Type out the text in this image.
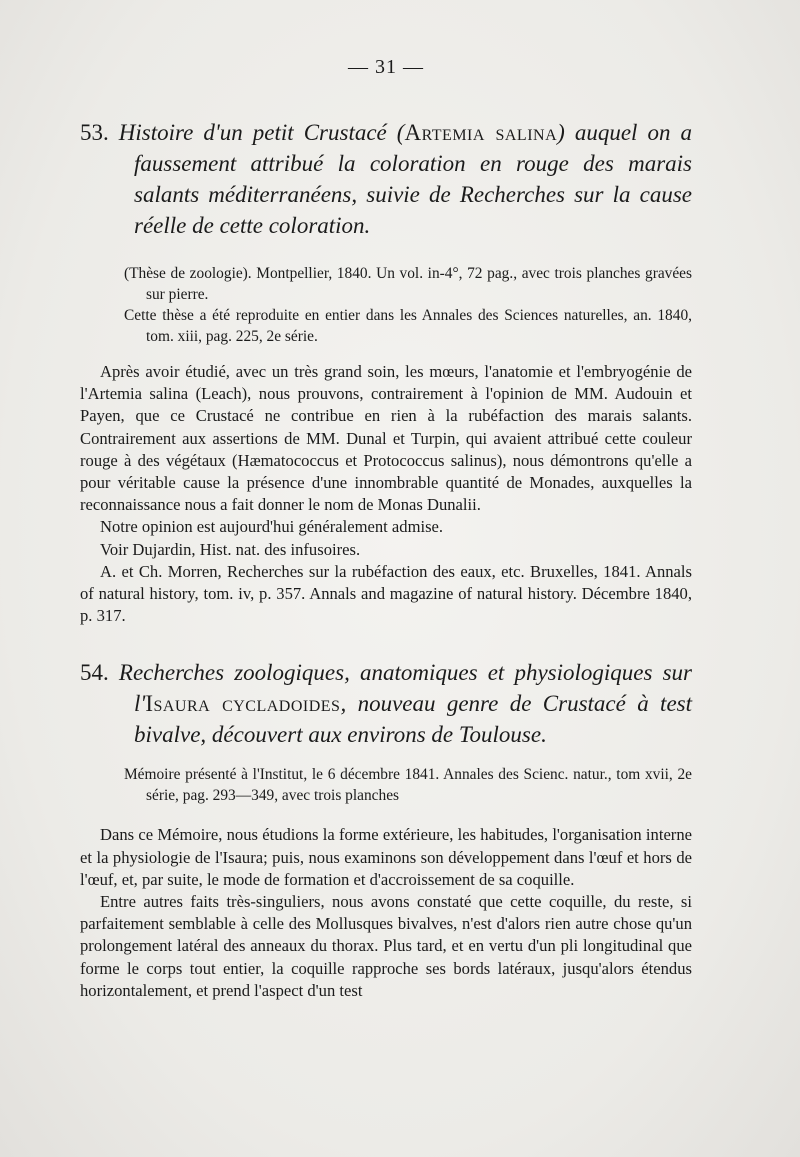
— 31 —

53. Histoire d'un petit Crustacé (Artemia salina) auquel on a faussement attribué la coloration en rouge des marais salants méditerranéens, suivie de Recherches sur la cause réelle de cette coloration.

(Thèse de zoologie). Montpellier, 1840. Un vol. in-4°, 72 pag., avec trois planches gravées sur pierre.

Cette thèse a été reproduite en entier dans les Annales des Sciences naturelles, an. 1840, tom. xiii, pag. 225, 2e série.

Après avoir étudié, avec un très grand soin, les mœurs, l'anatomie et l'embryogénie de l'Artemia salina (Leach), nous prouvons, contrairement à l'opinion de MM. Audouin et Payen, que ce Crustacé ne contribue en rien à la rubéfaction des marais salants. Contrairement aux assertions de MM. Dunal et Turpin, qui avaient attribué cette couleur rouge à des végétaux (Hæmatococcus et Protococcus salinus), nous démontrons qu'elle a pour véritable cause la présence d'une innombrable quantité de Monades, auxquelles la reconnaissance nous a fait donner le nom de Monas Dunalii.

Notre opinion est aujourd'hui généralement admise.

Voir Dujardin, Hist. nat. des infusoires.

A. et Ch. Morren, Recherches sur la rubéfaction des eaux, etc. Bruxelles, 1841. Annals of natural history, tom. iv, p. 357. Annals and magazine of natural history. Décembre 1840, p. 317.

54. Recherches zoologiques, anatomiques et physiologiques sur l'Isaura cycladoides, nouveau genre de Crustacé à test bivalve, découvert aux environs de Toulouse.

Mémoire présenté à l'Institut, le 6 décembre 1841. Annales des Scienc. natur., tom xvii, 2e série, pag. 293—349, avec trois planches

Dans ce Mémoire, nous étudions la forme extérieure, les habitudes, l'organisation interne et la physiologie de l'Isaura; puis, nous examinons son développement dans l'œuf et hors de l'œuf, et, par suite, le mode de formation et d'accroissement de sa coquille.

Entre autres faits très-singuliers, nous avons constaté que cette coquille, du reste, si parfaitement semblable à celle des Mollusques bivalves, n'est d'alors rien autre chose qu'un prolongement latéral des anneaux du thorax. Plus tard, et en vertu d'un pli longitudinal que forme le corps tout entier, la coquille rapproche ses bords latéraux, jusqu'alors étendus horizontalement, et prend l'aspect d'un test
